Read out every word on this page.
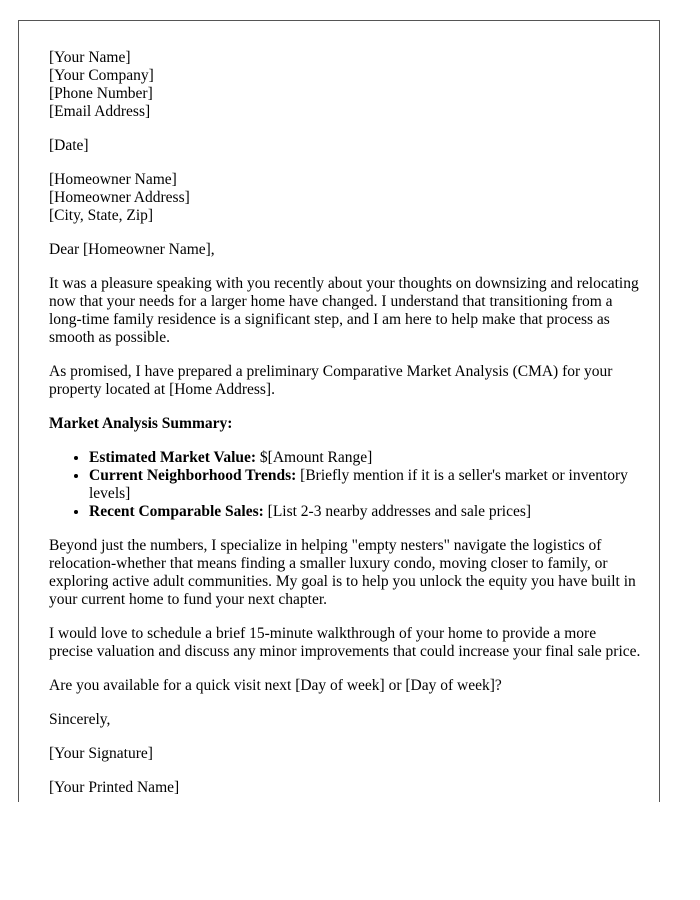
[Your Name]

[Your Company]

[Phone Number]

[Email Address]

[Date]

[Homeowner Name]

[Homeowner Address]

[City, State, Zip]

Dear [Homeowner Name],

It was a pleasure speaking with you recently about your thoughts on downsizing and relocating now that your needs for a larger home have changed. I understand that transitioning from a long-time family residence is a significant step, and I am here to help make that process as smooth as possible.

As promised, I have prepared a preliminary Comparative Market Analysis (CMA) for your property located at [Home Address].

Market Analysis Summary:

• Estimated Market Value: $[Amount Range]
• Current Neighborhood Trends: [Briefly mention if it is a seller's market or inventory levels]
• Recent Comparable Sales: [List 2-3 nearby addresses and sale prices]

Beyond just the numbers, I specialize in helping "empty nesters" navigate the logistics of relocation-whether that means finding a smaller luxury condo, moving closer to family, or exploring active adult communities. My goal is to help you unlock the equity you have built in your current home to fund your next chapter.

I would love to schedule a brief 15-minute walkthrough of your home to provide a more precise valuation and discuss any minor improvements that could increase your final sale price.

Are you available for a quick visit next [Day of week] or [Day of week]?

Sincerely,

[Your Signature]

[Your Printed Name]
